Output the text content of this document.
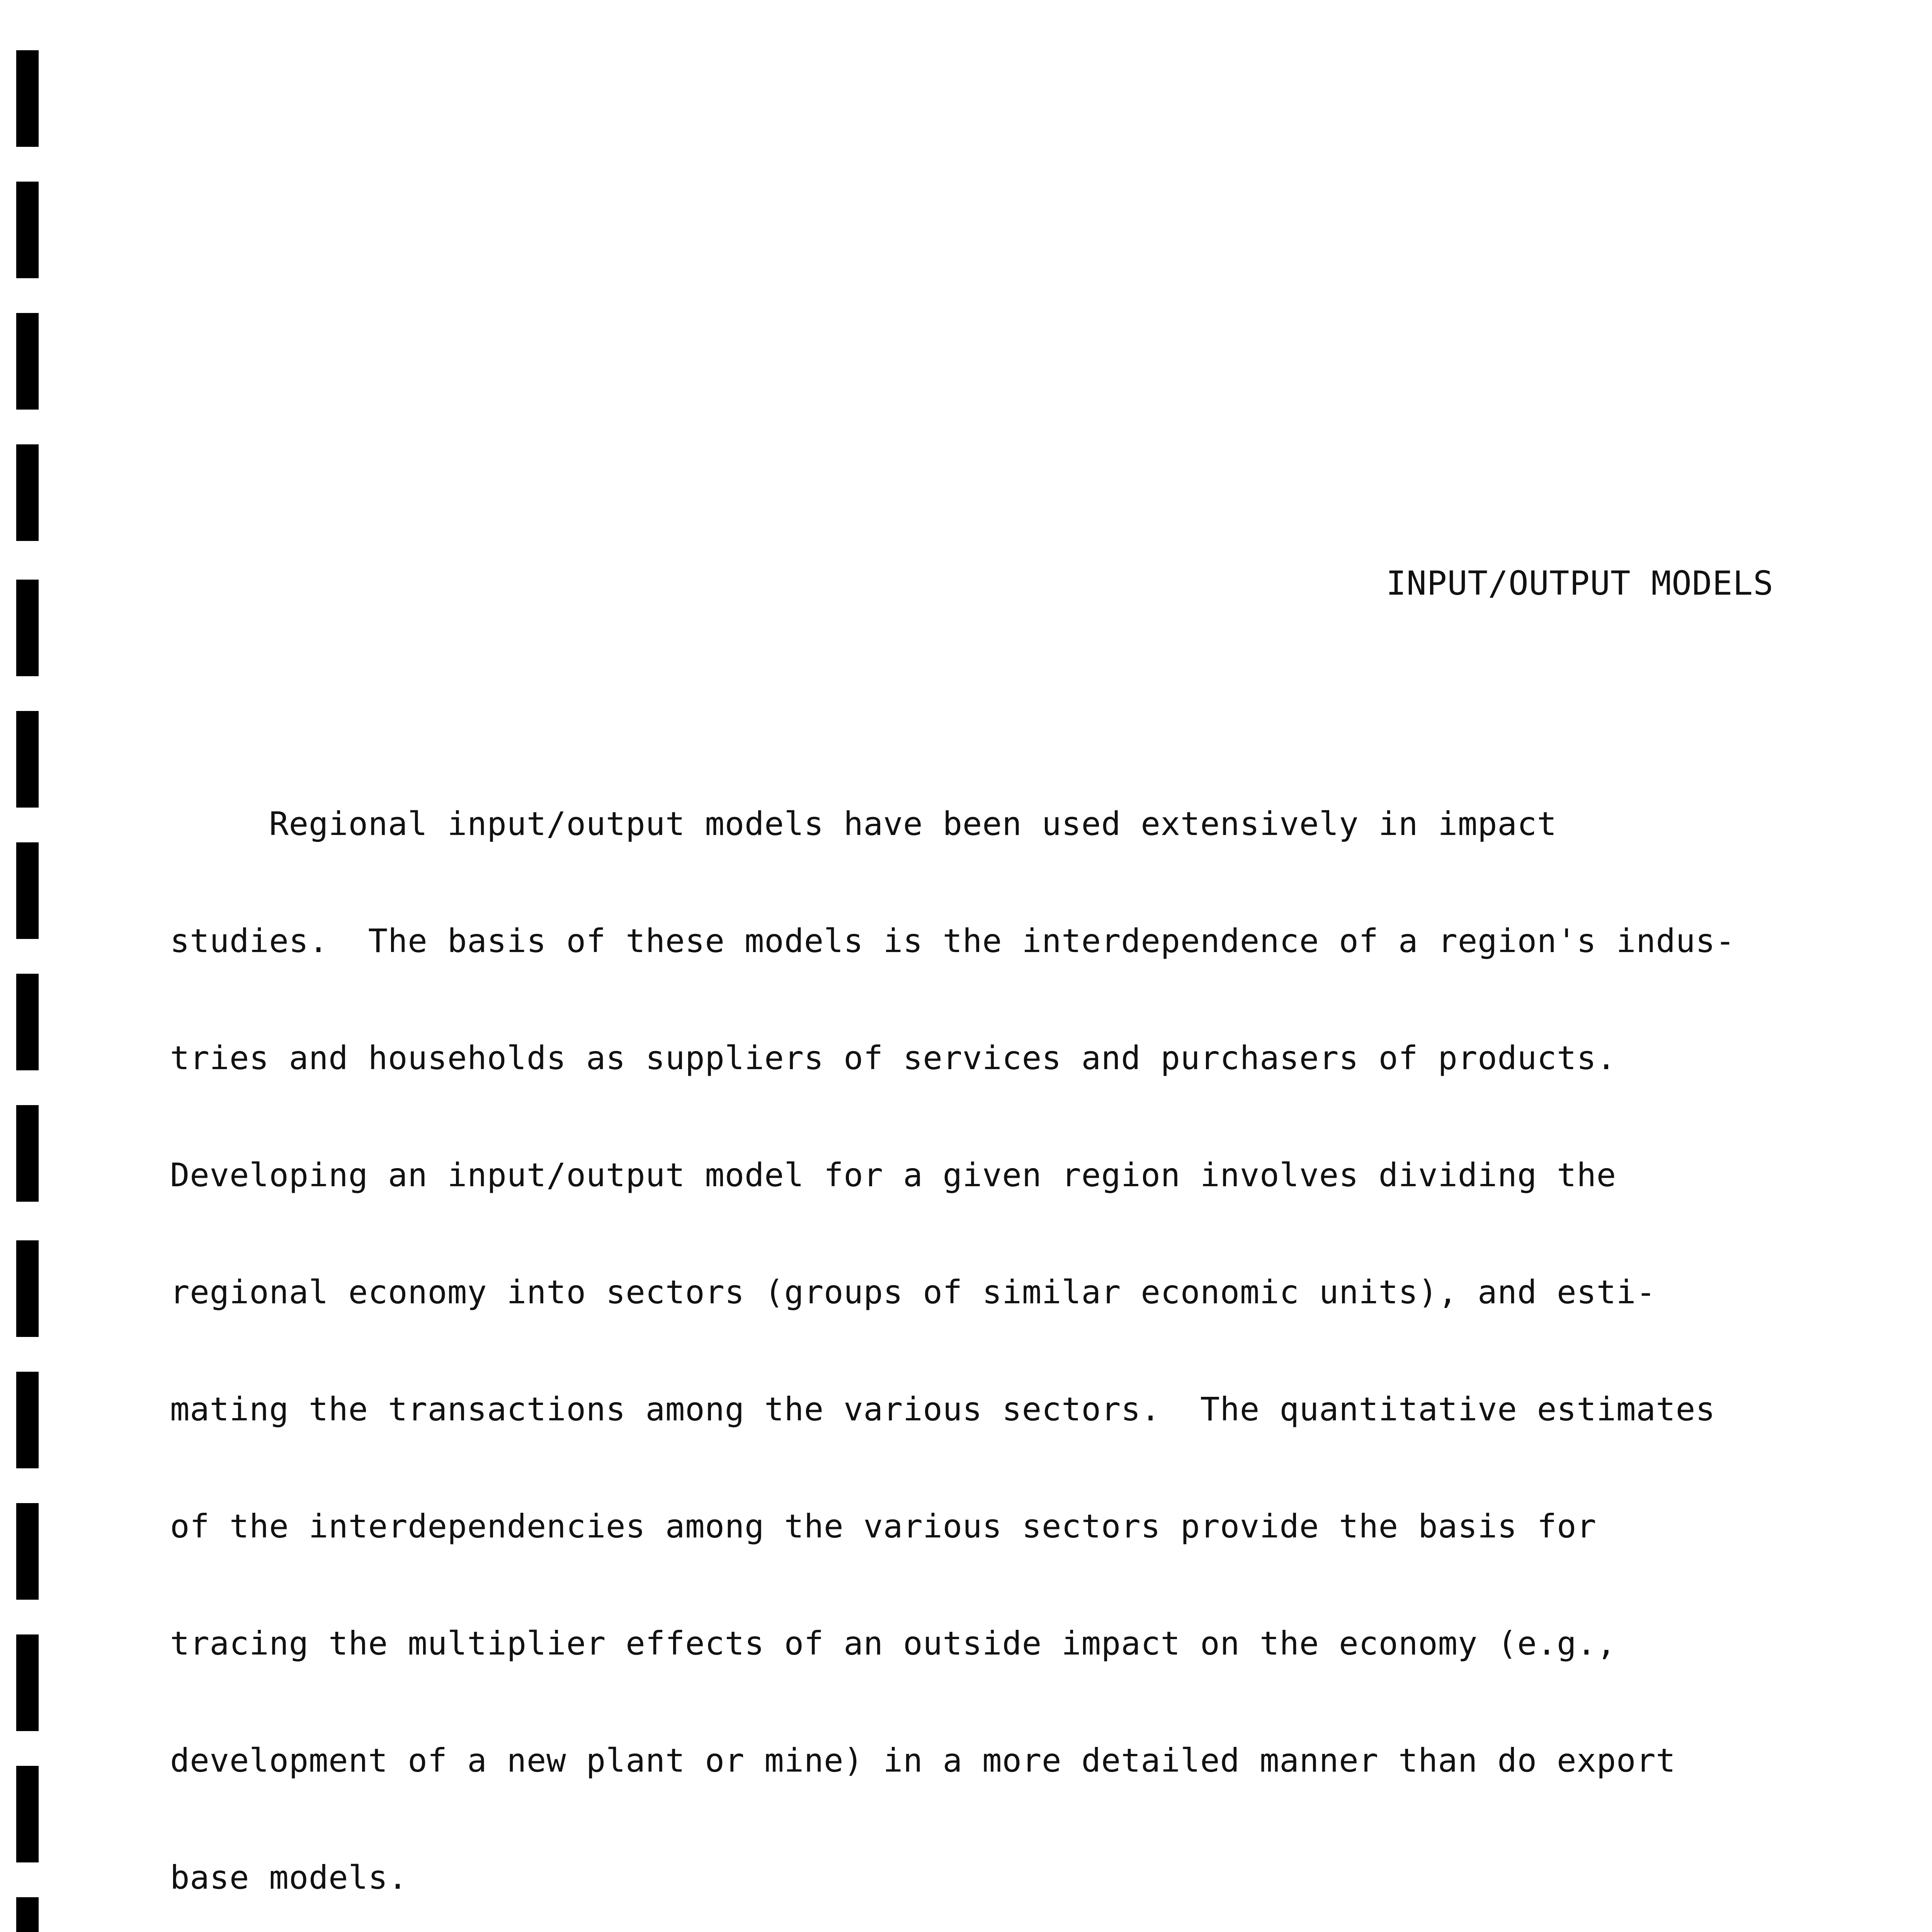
INPUT/OUTPUT MODELS

Regional input/output models have been used extensively in impact

studies.  The basis of these models is the interdependence of a region's indus-

tries and households as suppliers of services and purchasers of products.

Developing an input/output model for a given region involves dividing the

regional economy into sectors (groups of similar economic units), and esti-

mating the transactions among the various sectors.  The quantitative estimates

of the interdependencies among the various sectors provide the basis for

tracing the multiplier effects of an outside impact on the economy (e.g.,

development of a new plant or mine) in a more detailed manner than do export

base models.
